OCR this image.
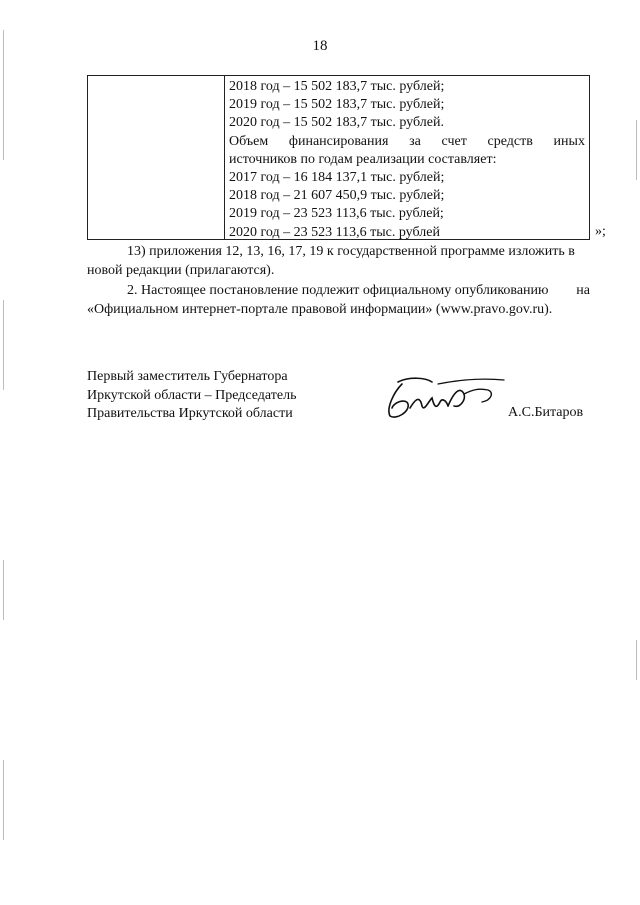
18
2018 год – 15 502 183,7 тыс. рублей;
2019 год – 15 502 183,7 тыс. рублей;
2020 год – 15 502 183,7 тыс. рублей.
Объем финансирования за счет средств иных
источников по годам реализации составляет:
2017 год – 16 184 137,1 тыс. рублей;
2018 год – 21 607 450,9 тыс. рублей;
2019 год – 23 523 113,6 тыс. рублей;
2020 год – 23 523 113,6 тыс. рублей	»;
13) приложения 12, 13, 16, 17, 19 к государственной программе изложить в
новой редакции (прилагаются).
2. Настоящее постановление подлежит официальному опубликованию на
«Официальном интернет-портале правовой информации» (www.pravo.gov.ru).
Первый заместитель Губернатора
Иркутской области – Председатель
Правительства Иркутской области	А.С.Битаров
